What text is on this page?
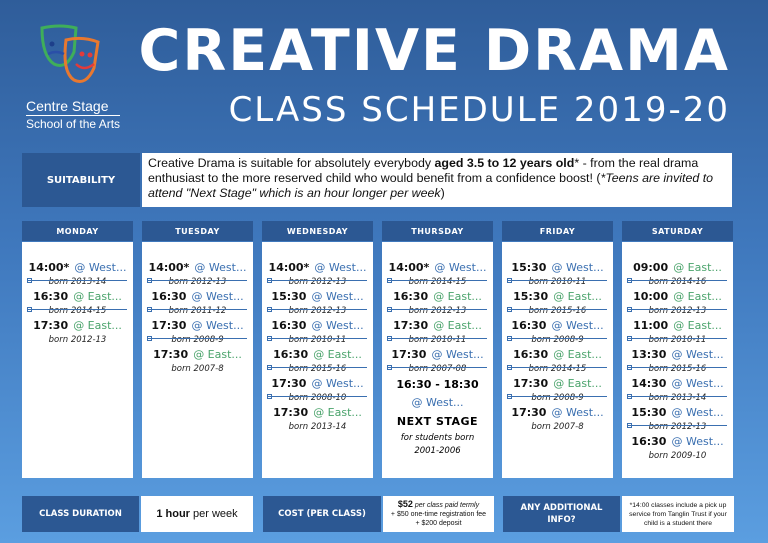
Centre Stage
School of the Arts
CREATIVE DRAMA
CLASS SCHEDULE 2019-20
SUITABILITY
Creative Drama is suitable for absolutely everybody aged 3.5 to 12 years old* - from the real drama enthusiast to the more reserved child who would benefit from a confidence boost! (*Teens are invited to attend "Next Stage" which is an hour longer per week)
MONDAY
14:00* @ West...
born 2013-14
16:30 @ East...
born 2014-15
17:30 @ East...
born 2012-13
TUESDAY
14:00* @ West...
born 2012-13
16:30 @ West...
born 2011-12
17:30 @ West...
born 2008-9
17:30 @ East...
born 2007-8
WEDNESDAY
14:00* @ West...
born 2012-13
15:30 @ West...
born 2012-13
16:30 @ West...
born 2010-11
16:30 @ East...
born 2015-16
17:30 @ West...
born 2008-10
17:30 @ East...
born 2013-14
THURSDAY
14:00* @ West...
born 2014-15
16:30 @ East...
born 2012-13
17:30 @ East...
born 2010-11
17:30 @ West...
born 2007-08
16:30 - 18:30
@ West...
NEXT STAGE
for students born
2001-2006
FRIDAY
15:30 @ West...
born 2010-11
15:30 @ East...
born 2015-16
16:30 @ West...
born 2008-9
16:30 @ East...
born 2014-15
17:30 @ East...
born 2008-9
17:30 @ West...
born 2007-8
SATURDAY
09:00 @ East...
born 2014-16
10:00 @ East...
born 2012-13
11:00 @ East...
born 2010-11
13:30 @ West...
born 2015-16
14:30 @ West...
born 2013-14
15:30 @ West...
born 2012-13
16:30 @ West...
born 2009-10
CLASS DURATION	1 hour per week	COST (PER CLASS)
$52 per class paid termly
+ $50 one-time registration fee
+ $200 deposit
ANY ADDITIONAL
INFO?
*14:00 classes include a pick up service from Tanglin Trust if your child is a student there
